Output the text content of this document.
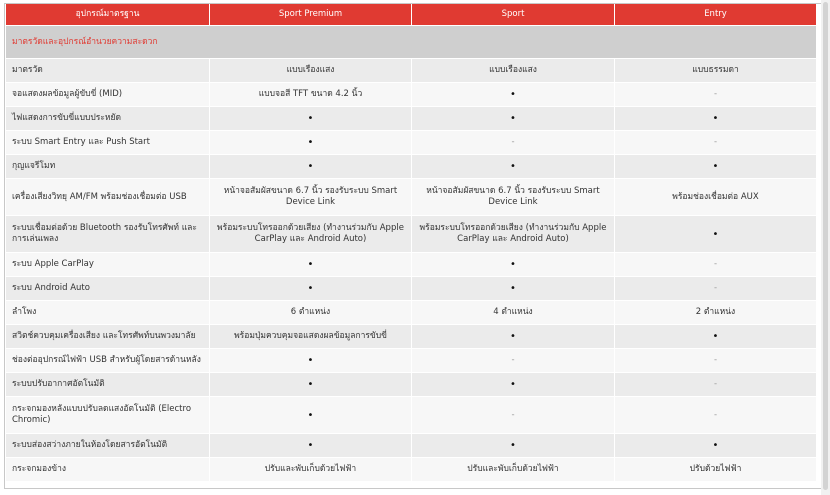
อุปกรณ์มาตรฐาน	Sport Premium	Sport	Entry
มาตรวัดและอุปกรณ์อำนวยความสะดวก			
มาตรวัด	แบบเรืองแสง	แบบเรืองแสง	แบบธรรมดา
จอแสดงผลข้อมูลผู้ขับขี่ (MID)	แบบจอสี TFT ขนาด 4.2 นิ้ว	•	-
ไฟแสดงการขับขี่แบบประหยัด	•	•	•
ระบบ Smart Entry และ Push Start	•	-	-
กุญแจรีโมท	•	•	•
เครื่องเสียงวิทยุ AM/FM พร้อมช่องเชื่อมต่อ USB	หน้าจอสัมผัสขนาด 6.7 นิ้ว รองรับระบบ Smart Device Link	หน้าจอสัมผัสขนาด 6.7 นิ้ว รองรับระบบ Smart Device Link	พร้อมช่องเชื่อมต่อ AUX
ระบบเชื่อมต่อด้วย Bluetooth รองรับโทรศัพท์ และการเล่นเพลง	พร้อมระบบโทรออกด้วยเสียง (ทำงานร่วมกับ Apple CarPlay และ Android Auto)	พร้อมระบบโทรออกด้วยเสียง (ทำงานร่วมกับ Apple CarPlay และ Android Auto)	•
ระบบ Apple CarPlay	•	•	-
ระบบ Android Auto	•	•	-
ลำโพง	6 ตำแหน่ง	4 ตำแหน่ง	2 ตำแหน่ง
สวิตช์ควบคุมเครื่องเสียง และโทรศัพท์บนพวงมาลัย	พร้อมปุ่มควบคุมจอแสดงผลข้อมูลการขับขี่	•	•
ช่องต่ออุปกรณ์ไฟฟ้า USB สำหรับผู้โดยสารด้านหลัง	•	-	-
ระบบปรับอากาศอัตโนมัติ	•	•	-
กระจกมองหลังแบบปรับลดแสงอัตโนมัติ (Electro Chromic)	•	-	-
ระบบส่องสว่างภายในห้องโดยสารอัตโนมัติ	•	•	•
กระจกมองข้าง	ปรับและพับเก็บด้วยไฟฟ้า	ปรับและพับเก็บด้วยไฟฟ้า	ปรับด้วยไฟฟ้า
